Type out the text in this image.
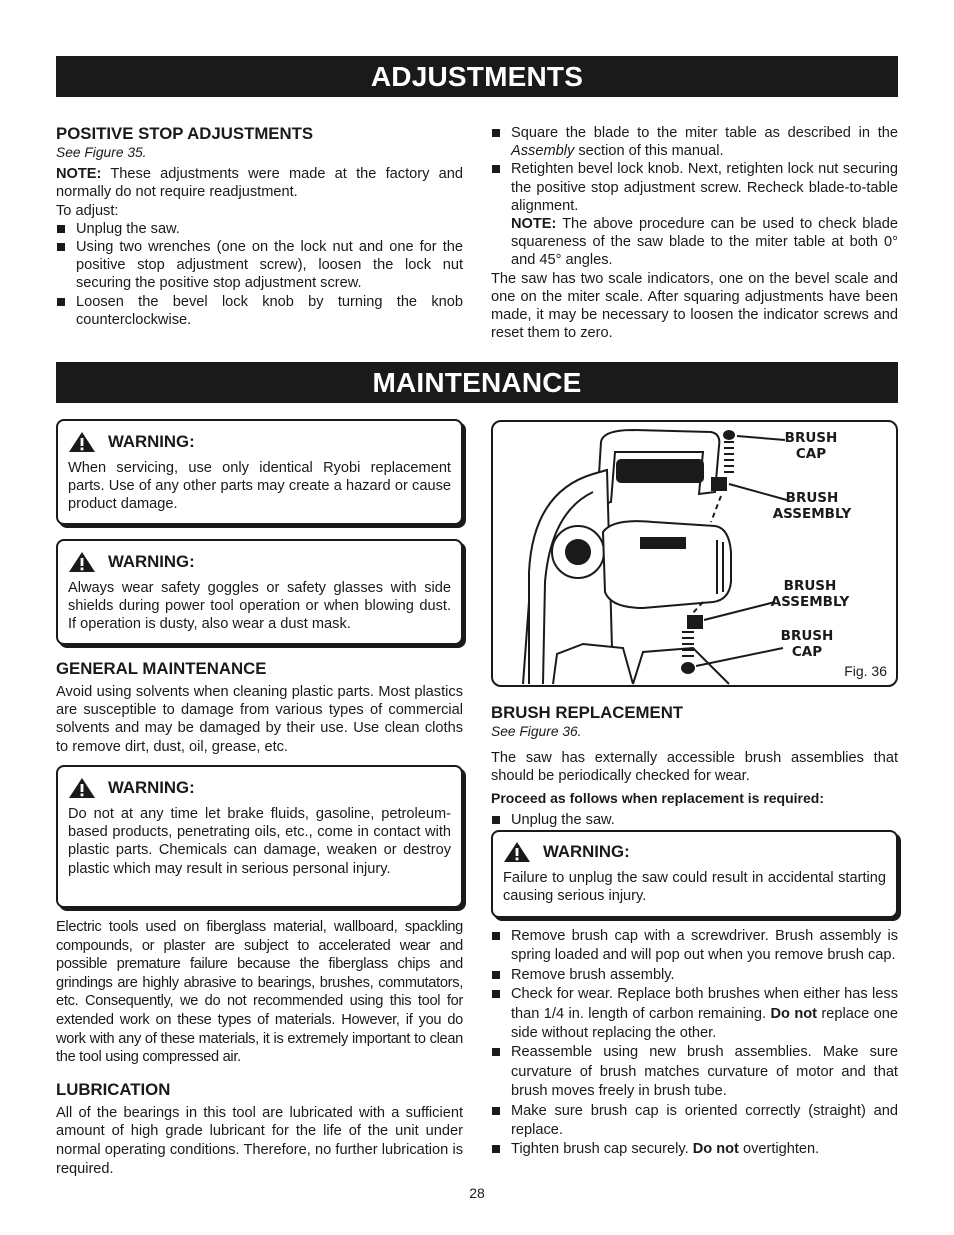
ADJUSTMENTS
POSITIVE STOP ADJUSTMENTS
See Figure 35.

NOTE: These adjustments were made at the factory and normally do not require readjustment.

To adjust:

Unplug the saw.
Using two wrenches (one on the lock nut and one for the positive stop adjustment screw), loosen the lock nut securing the positive stop adjustment screw.
Loosen the bevel lock knob by turning the knob counterclockwise.
Square the blade to the miter table as described in the Assembly section of this manual.
Retighten bevel lock knob. Next, retighten lock nut securing the positive stop adjustment screw. Recheck blade-to-table alignment.

NOTE: The above procedure can be used to check blade squareness of the saw blade to the miter table at both 0° and 45° angles.

The saw has two scale indicators, one on the bevel scale and one on the miter scale. After squaring adjustments have been made, it may be necessary to loosen the indicator screws and reset them to zero.

MAINTENANCE
WARNING:

When servicing, use only identical Ryobi replacement parts. Use of any other parts may create a hazard or cause product damage.

WARNING:

Always wear safety goggles or safety glasses with side shields during power tool operation or when blowing dust. If operation is dusty, also wear a dust mask.

GENERAL MAINTENANCE

Avoid using solvents when cleaning plastic parts. Most plastics are susceptible to damage from various types of commercial solvents and may be damaged by their use. Use clean cloths to remove dirt, dust, oil, grease, etc.

WARNING:

Do not at any time let brake fluids, gasoline, petroleum-based products, penetrating oils, etc., come in contact with plastic parts. Chemicals can damage, weaken or destroy plastic which may result in serious personal injury.

Electric tools used on fiberglass material, wallboard, spackling compounds, or plaster are subject to accelerated wear and possible premature failure because the fiberglass chips and grindings are highly abrasive to bearings, brushes, commutators, etc. Consequently, we do not recommended using this tool for extended work on these types of materials. However, if you do work with any of these materials, it is extremely important to clean the tool using compressed air.

LUBRICATION

All of the bearings in this tool are lubricated with a sufficient amount of high grade lubricant for the life of the unit under normal operating conditions. Therefore, no further lubrication is required.

BRUSH CAP
BRUSH ASSEMBLY
BRUSH ASSEMBLY
BRUSH CAP
Fig. 36
BRUSH REPLACEMENT
See Figure 36.

The saw has externally accessible brush assemblies that should be periodically checked for wear.

Proceed as follows when replacement is required:

Unplug the saw.
WARNING:

Failure to unplug the saw could result in accidental starting causing serious injury.

Remove brush cap with a screwdriver. Brush assembly is spring loaded and will pop out when you remove brush cap.
Remove brush assembly.
Check for wear. Replace both brushes when either has less than 1/4 in. length of carbon remaining. Do not replace one side without replacing the other.
Reassemble using new brush assemblies. Make sure curvature of brush matches curvature of motor and that brush moves freely in brush tube.
Make sure brush cap is oriented correctly (straight) and replace.
Tighten brush cap securely. Do not overtighten.
28
